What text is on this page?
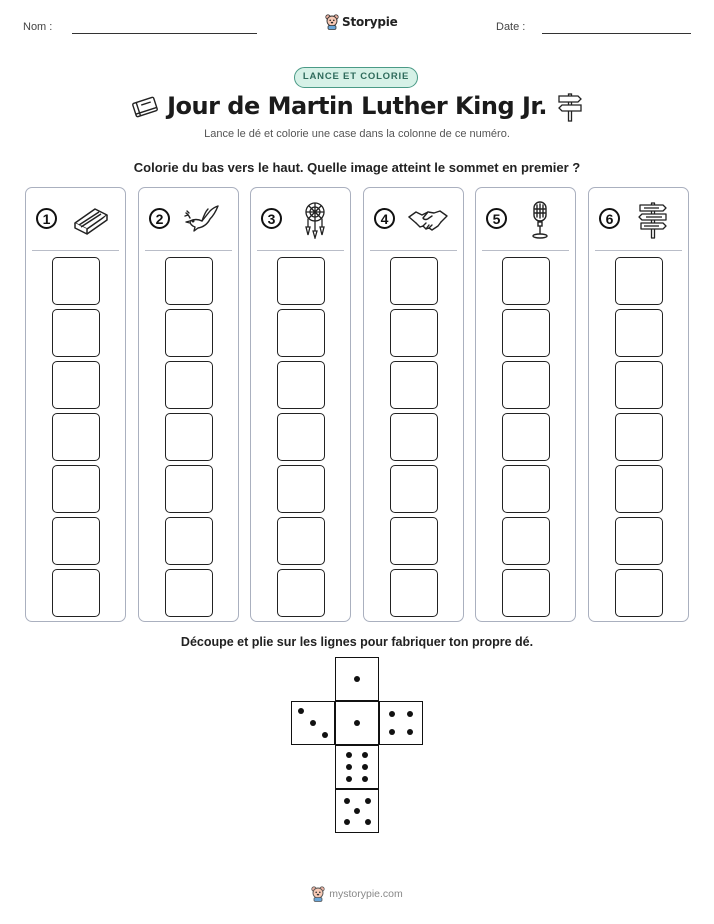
Nom :	Storypie	Date :
LANCE ET COLORIE
Jour de Martin Luther King Jr.
Lance le dé et colorie une case dans la colonne de ce numéro.
Colorie du bas vers le haut. Quelle image atteint le sommet en premier ?
1	2	3	4	5	6
Découpe et plie sur les lignes pour fabriquer ton propre dé.
mystorypie.com
